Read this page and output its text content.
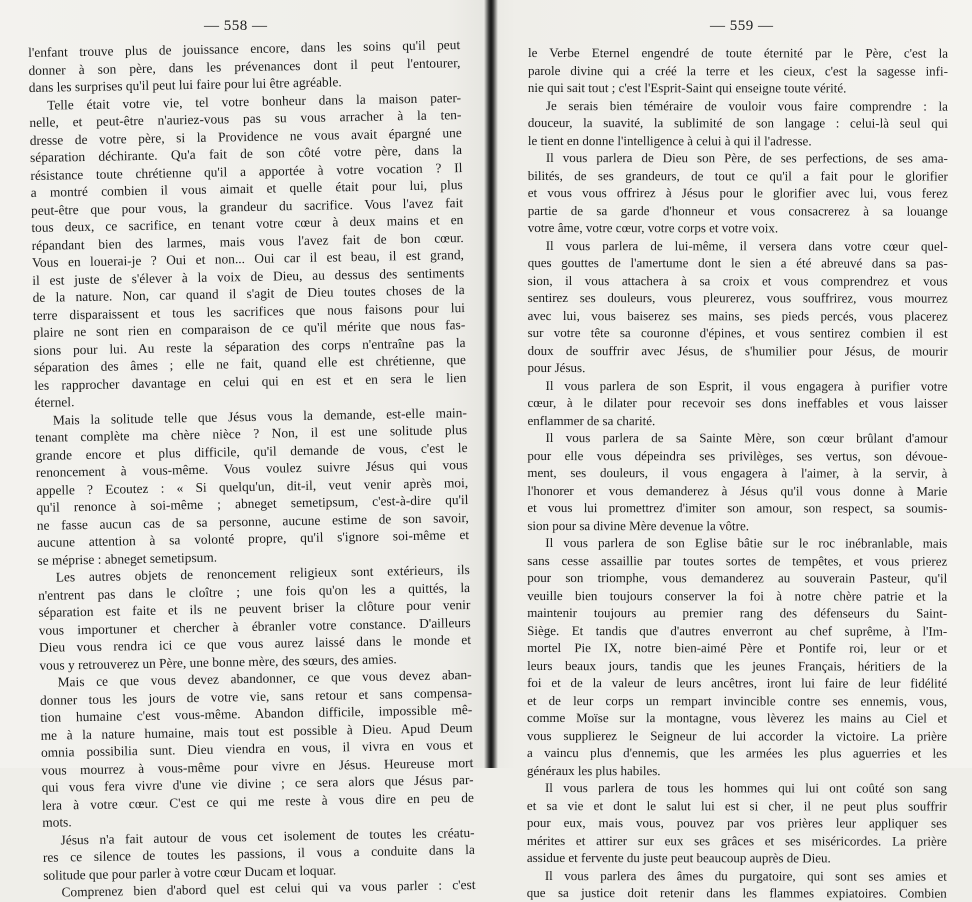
— 558 —
l'enfant trouve plus de jouissance encore, dans les soins qu'il peut
donner à son père, dans les prévenances dont il peut l'entourer,
dans les surprises qu'il peut lui faire pour lui être agréable.
Telle était votre vie, tel votre bonheur dans la maison pater-
nelle, et peut-être n'auriez-vous pas su vous arracher à la ten-
dresse de votre père, si la Providence ne vous avait épargné une
séparation déchirante. Qu'a fait de son côté votre père, dans la
résistance toute chrétienne qu'il a apportée à votre vocation ? Il
a montré combien il vous aimait et quelle était pour lui, plus
peut-être que pour vous, la grandeur du sacrifice. Vous l'avez fait
tous deux, ce sacrifice, en tenant votre cœur à deux mains et en
répandant bien des larmes, mais vous l'avez fait de bon cœur.
Vous en louerai-je ? Oui et non... Oui car il est beau, il est grand,
il est juste de s'élever à la voix de Dieu, au dessus des sentiments
de la nature. Non, car quand il s'agit de Dieu toutes choses de la
terre disparaissent et tous les sacrifices que nous faisons pour lui
plaire ne sont rien en comparaison de ce qu'il mérite que nous fas-
sions pour lui. Au reste la séparation des corps n'entraîne pas la
séparation des âmes ; elle ne fait, quand elle est chrétienne, que
les rapprocher davantage en celui qui en est et en sera le lien
éternel.
Mais la solitude telle que Jésus vous la demande, est-elle main-
tenant complète ma chère nièce ? Non, il est une solitude plus
grande encore et plus difficile, qu'il demande de vous, c'est le
renoncement à vous-même. Vous voulez suivre Jésus qui vous
appelle ? Ecoutez : « Si quelqu'un, dit-il, veut venir après moi,
qu'il renonce à soi-même ; abneget semetipsum, c'est-à-dire qu'il
ne fasse aucun cas de sa personne, aucune estime de son savoir,
aucune attention à sa volonté propre, qu'il s'ignore soi-même et
se méprise : abneget semetipsum.
Les autres objets de renoncement religieux sont extérieurs, ils
n'entrent pas dans le cloître ; une fois qu'on les a quittés, la
séparation est faite et ils ne peuvent briser la clôture pour venir
vous importuner et chercher à ébranler votre constance. D'ailleurs
Dieu vous rendra ici ce que vous aurez laissé dans le monde et
vous y retrouverez un Père, une bonne mère, des sœurs, des amies.
Mais ce que vous devez abandonner, ce que vous devez aban-
donner tous les jours de votre vie, sans retour et sans compensa-
tion humaine c'est vous-même. Abandon difficile, impossible mê-
me à la nature humaine, mais tout est possible à Dieu. Apud Deum
omnia possibilia sunt. Dieu viendra en vous, il vivra en vous et
vous mourrez à vous-même pour vivre en Jésus. Heureuse mort
qui vous fera vivre d'une vie divine ; ce sera alors que Jésus par-
lera à votre cœur. C'est ce qui me reste à vous dire en peu de
mots.
Jésus n'a fait autour de vous cet isolement de toutes les créatu-
res ce silence de toutes les passions, il vous a conduite dans la
solitude que pour parler à votre cœur Ducam et loquar.
Comprenez bien d'abord quel est celui qui va vous parler : c'est
— 559 —
le Verbe Eternel engendré de toute éternité par le Père, c'est la
parole divine qui a créé la terre et les cieux, c'est la sagesse infi-
nie qui sait tout ; c'est l'Esprit-Saint qui enseigne toute vérité.
Je serais bien téméraire de vouloir vous faire comprendre : la
douceur, la suavité, la sublimité de son langage : celui-là seul qui
le tient en donne l'intelligence à celui à qui il l'adresse.
Il vous parlera de Dieu son Père, de ses perfections, de ses ama-
bilités, de ses grandeurs, de tout ce qu'il a fait pour le glorifier
et vous vous offrirez à Jésus pour le glorifier avec lui, vous ferez
partie de sa garde d'honneur et vous consacrerez à sa louange
votre âme, votre cœur, votre corps et votre voix.
Il vous parlera de lui-même, il versera dans votre cœur quel-
ques gouttes de l'amertume dont le sien a été abreuvé dans sa pas-
sion, il vous attachera à sa croix et vous comprendrez et vous
sentirez ses douleurs, vous pleurerez, vous souffrirez, vous mourrez
avec lui, vous baiserez ses mains, ses pieds percés, vous placerez
sur votre tête sa couronne d'épines, et vous sentirez combien il est
doux de souffrir avec Jésus, de s'humilier pour Jésus, de mourir
pour Jésus.
Il vous parlera de son Esprit, il vous engagera à purifier votre
cœur, à le dilater pour recevoir ses dons ineffables et vous laisser
enflammer de sa charité.
Il vous parlera de sa Sainte Mère, son cœur brûlant d'amour
pour elle vous dépeindra ses privilèges, ses vertus, son dévoue-
ment, ses douleurs, il vous engagera à l'aimer, à la servir, à
l'honorer et vous demanderez à Jésus qu'il vous donne à Marie
et vous lui promettrez d'imiter son amour, son respect, sa soumis-
sion pour sa divine Mère devenue la vôtre.
Il vous parlera de son Eglise bâtie sur le roc inébranlable, mais
sans cesse assaillie par toutes sortes de tempêtes, et vous prierez
pour son triomphe, vous demanderez au souverain Pasteur, qu'il
veuille bien toujours conserver la foi à notre chère patrie et la
maintenir toujours au premier rang des défenseurs du Saint-
Siège. Et tandis que d'autres enverront au chef suprême, à l'Im-
mortel Pie IX, notre bien-aimé Père et Pontife roi, leur or et
leurs beaux jours, tandis que les jeunes Français, héritiers de la
foi et de la valeur de leurs ancêtres, iront lui faire de leur fidélité
et de leur corps un rempart invincible contre ses ennemis, vous,
comme Moïse sur la montagne, vous lèverez les mains au Ciel et
vous supplierez le Seigneur de lui accorder la victoire. La prière
a vaincu plus d'ennemis, que les armées les plus aguerries et les
généraux les plus habiles.
Il vous parlera de tous les hommes qui lui ont coûté son sang
et sa vie et dont le salut lui est si cher, il ne peut plus souffrir
pour eux, mais vous, pouvez par vos prières leur appliquer ses
mérites et attirer sur eux ses grâces et ses miséricordes. La prière
assidue et fervente du juste peut beaucoup auprès de Dieu.
Il vous parlera des âmes du purgatoire, qui sont ses amies et
que sa justice doit retenir dans les flammes expiatoires. Combien
